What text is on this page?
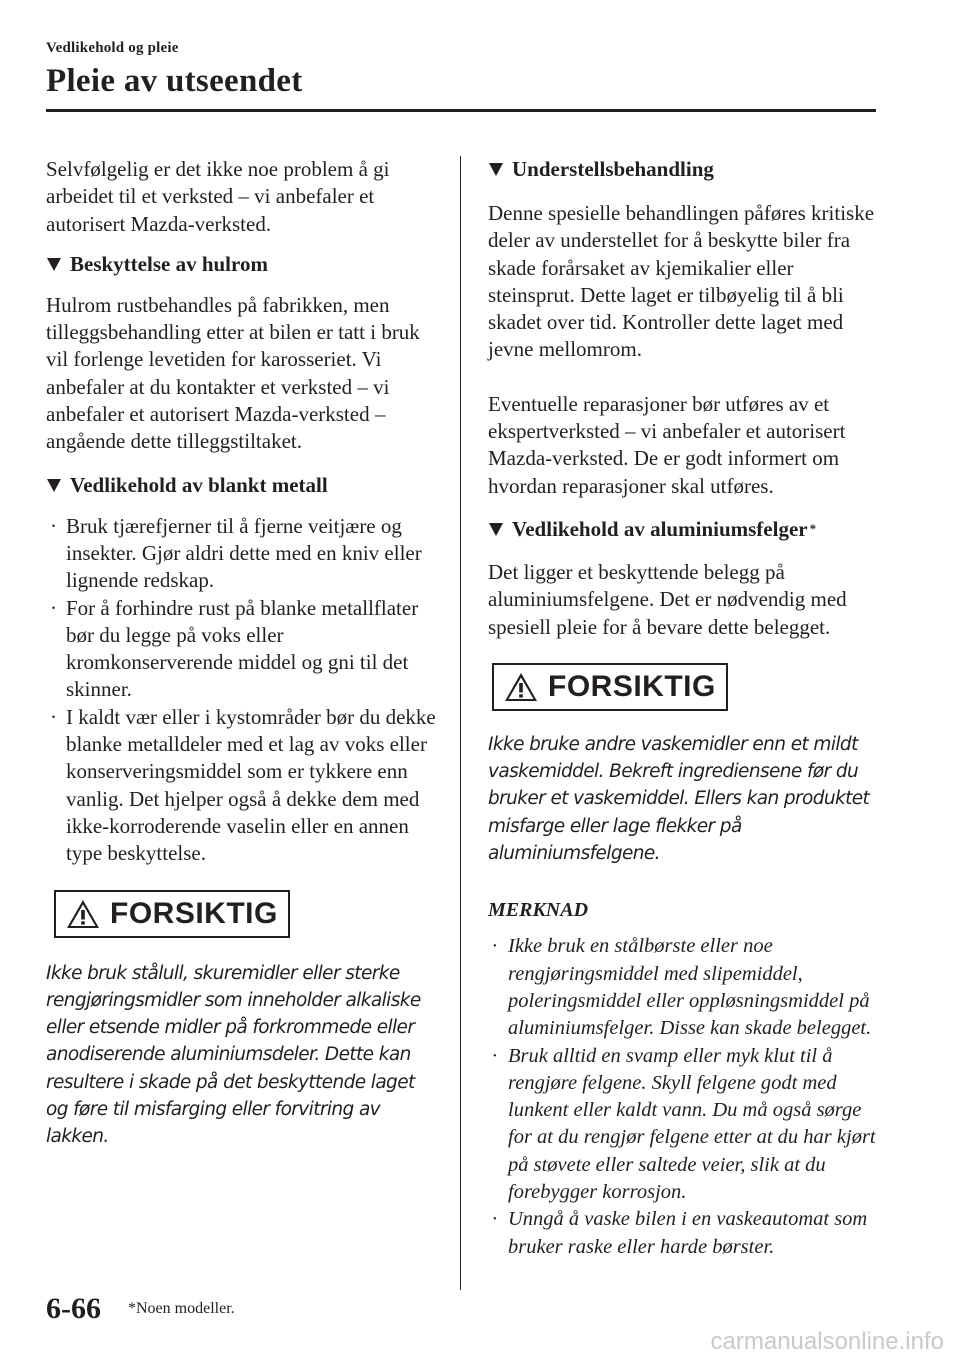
Vedlikehold og pleie

Pleie av utseendet

Selvfølgelig er det ikke noe problem å gi arbeidet til et verksted – vi anbefaler et autorisert Mazda-verksted.

Beskyttelse av hulrom

Hulrom rustbehandles på fabrikken, men tilleggsbehandling etter at bilen er tatt i bruk vil forlenge levetiden for karosseriet. Vi anbefaler at du kontakter et verksted – vi anbefaler et autorisert Mazda-verksted – angående dette tilleggstiltaket.

Vedlikehold av blankt metall
· Bruk tjærefjerner til å fjerne veitjære og insekter. Gjør aldri dette med en kniv eller lignende redskap.
· For å forhindre rust på blanke metallflater bør du legge på voks eller kromkonserverende middel og gni til det skinner.
· I kaldt vær eller i kystområder bør du dekke blanke metalldeler med et lag av voks eller konserveringsmiddel som er tykkere enn vanlig. Det hjelper også å dekke dem med ikke-korroderende vaselin eller en annen type beskyttelse.
FORSIKTIG

Ikke bruk stålull, skuremidler eller sterke rengjøringsmidler som inneholder alkaliske eller etsende midler på forkrommede eller anodiserende aluminiumsdeler. Dette kan resultere i skade på det beskyttende laget og føre til misfarging eller forvitring av lakken.

Understellsbehandling

Denne spesielle behandlingen påføres kritiske deler av understellet for å beskytte biler fra skade forårsaket av kjemikalier eller steinsprut. Dette laget er tilbøyelig til å bli skadet over tid. Kontroller dette laget med jevne mellomrom.

Eventuelle reparasjoner bør utføres av et ekspertverksted – vi anbefaler et autorisert Mazda-verksted. De er godt informert om hvordan reparasjoner skal utføres.

Vedlikehold av aluminiumsfelger *

Det ligger et beskyttende belegg på aluminiumsfelgene. Det er nødvendig med spesiell pleie for å bevare dette belegget.

FORSIKTIG

Ikke bruke andre vaskemidler enn et mildt vaskemiddel. Bekreft ingrediensene før du bruker et vaskemiddel. Ellers kan produktet misfarge eller lage flekker på aluminiumsfelgene.

MERKNAD

· Ikke bruk en stålbørste eller noe rengjøringsmiddel med slipemiddel, poleringsmiddel eller oppløsningsmiddel på aluminiumsfelger. Disse kan skade belegget.
· Bruk alltid en svamp eller myk klut til å rengjøre felgene. Skyll felgene godt med lunkent eller kaldt vann. Du må også sørge for at du rengjør felgene etter at du har kjørt på støvete eller saltede veier, slik at du forebygger korrosjon.
· Unngå å vaske bilen i en vaskeautomat som bruker raske eller harde børster.
6-66 *Noen modeller.
carmanualsonline.info
